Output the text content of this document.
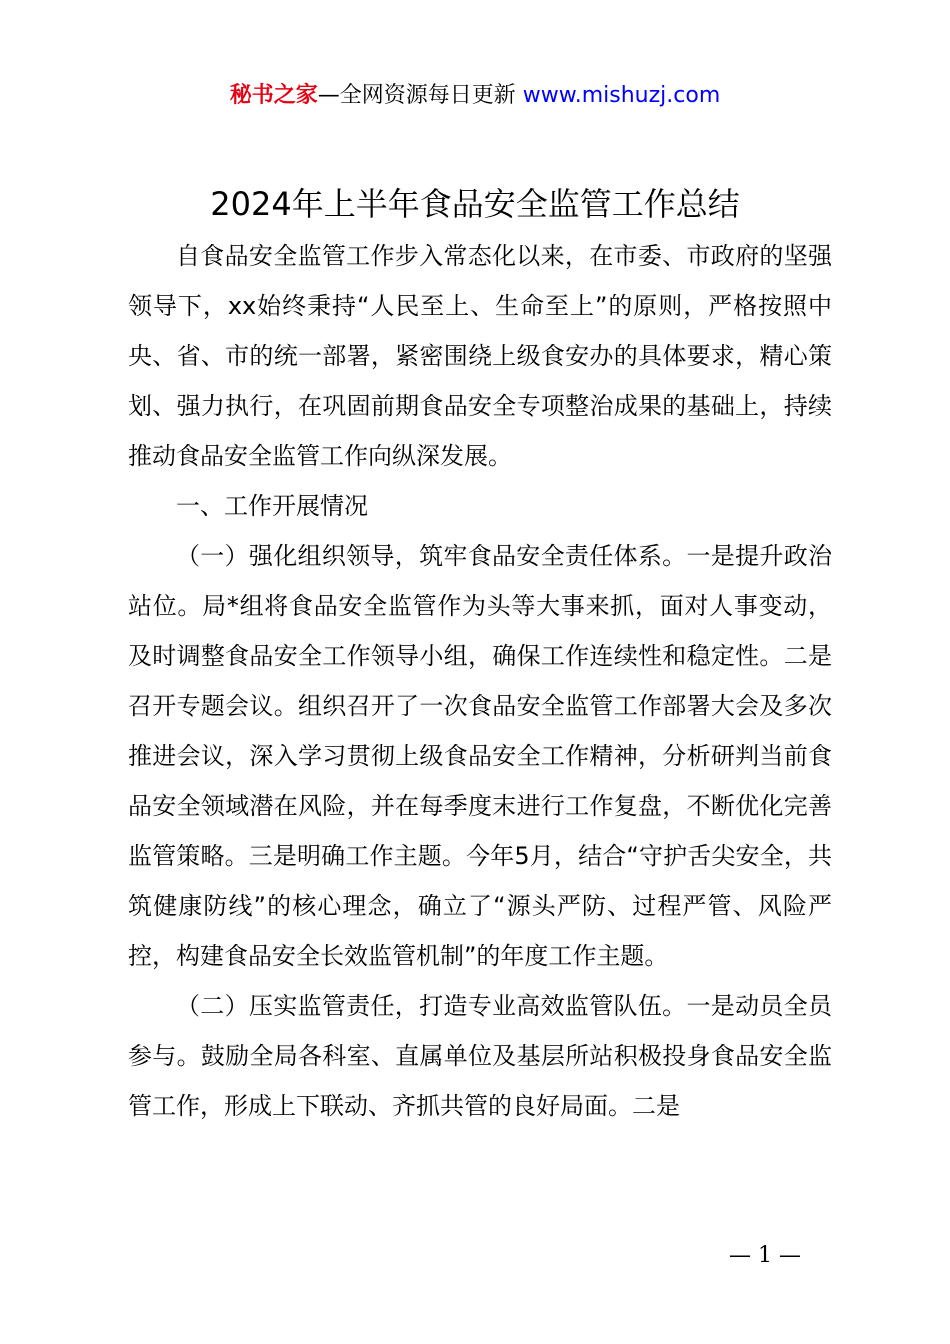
秘书之家—全网资源每日更新 www.mishuzj.com
2024年上半年食品安全监管工作总结

自食品安全监管工作步入常态化以来，在市委、市政府的坚强领导下，xx始终秉持“人民至上、生命至上”的原则，严格按照中央、省、市的统一部署，紧密围绕上级食安办的具体要求，精心策划、强力执行，在巩固前期食品安全专项整治成果的基础上，持续推动食品安全监管工作向纵深发展。

一、工作开展情况

（一）强化组织领导，筑牢食品安全责任体系。一是提升政治站位。局*组将食品安全监管作为头等大事来抓，面对人事变动，及时调整食品安全工作领导小组，确保工作连续性和稳定性。二是召开专题会议。组织召开了一次食品安全监管工作部署大会及多次推进会议，深入学习贯彻上级食品安全工作精神，分析研判当前食品安全领域潜在风险，并在每季度末进行工作复盘，不断优化完善监管策略。三是明确工作主题。今年5月，结合“守护舌尖安全，共筑健康防线”的核心理念，确立了“源头严防、过程严管、风险严控，构建食品安全长效监管机制”的年度工作主题。

（二）压实监管责任，打造专业高效监管队伍。一是动员全员参与。鼓励全局各科室、直属单位及基层所站积极投身食品安全监管工作，形成上下联动、齐抓共管的良好局面。二是

— 1 —
